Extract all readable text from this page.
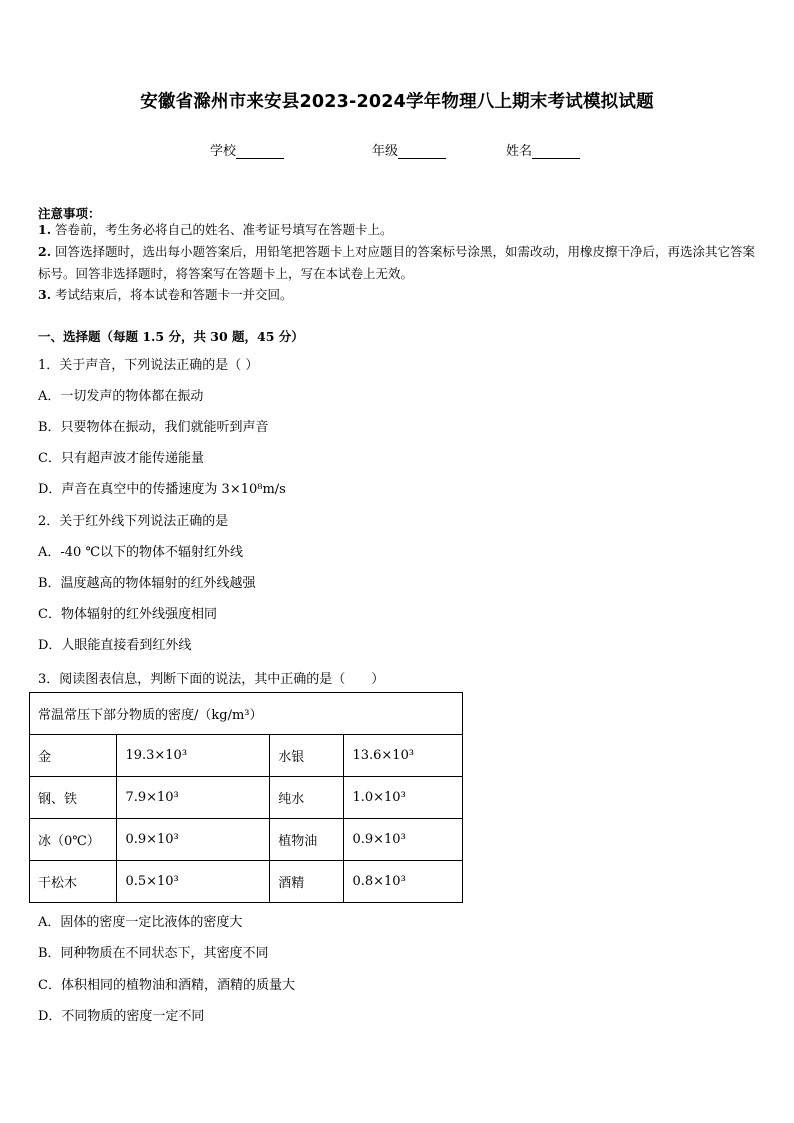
安徽省滁州市来安县2023-2024学年物理八上期末考试模拟试题
学校	年级	姓名
注意事项：
1. 答卷前，考生务必将自己的姓名、准考证号填写在答题卡上。
2. 回答选择题时，选出每小题答案后，用铅笔把答题卡上对应题目的答案标号涂黑，如需改动，用橡皮擦干净后，再选涂其它答案标号。回答非选择题时，将答案写在答题卡上，写在本试卷上无效。
3. 考试结束后，将本试卷和答题卡一并交回。
一、选择题（每题 1.5 分，共 30 题，45 分）
1．关于声音，下列说法正确的是（ ）
A．一切发声的物体都在振动
B．只要物体在振动，我们就能听到声音
C．只有超声波才能传递能量
D．声音在真空中的传播速度为 3×10⁸m/s
2．关于红外线下列说法正确的是
A．-40 ℃以下的物体不辐射红外线
B．温度越高的物体辐射的红外线越强
C．物体辐射的红外线强度相同
D．人眼能直接看到红外线
3．阅读图表信息，判断下面的说法，其中正确的是（　　）
常温常压下部分物质的密度/（kg/m³）			
金	19.3×10³	水银	13.6×10³
钢、铁	7.9×10³	纯水	1.0×10³
冰（0℃）	0.9×10³	植物油	0.9×10³
干松木	0.5×10³	酒精	0.8×10³
A．固体的密度一定比液体的密度大
B．同种物质在不同状态下，其密度不同
C．体积相同的植物油和酒精，酒精的质量大
D．不同物质的密度一定不同
